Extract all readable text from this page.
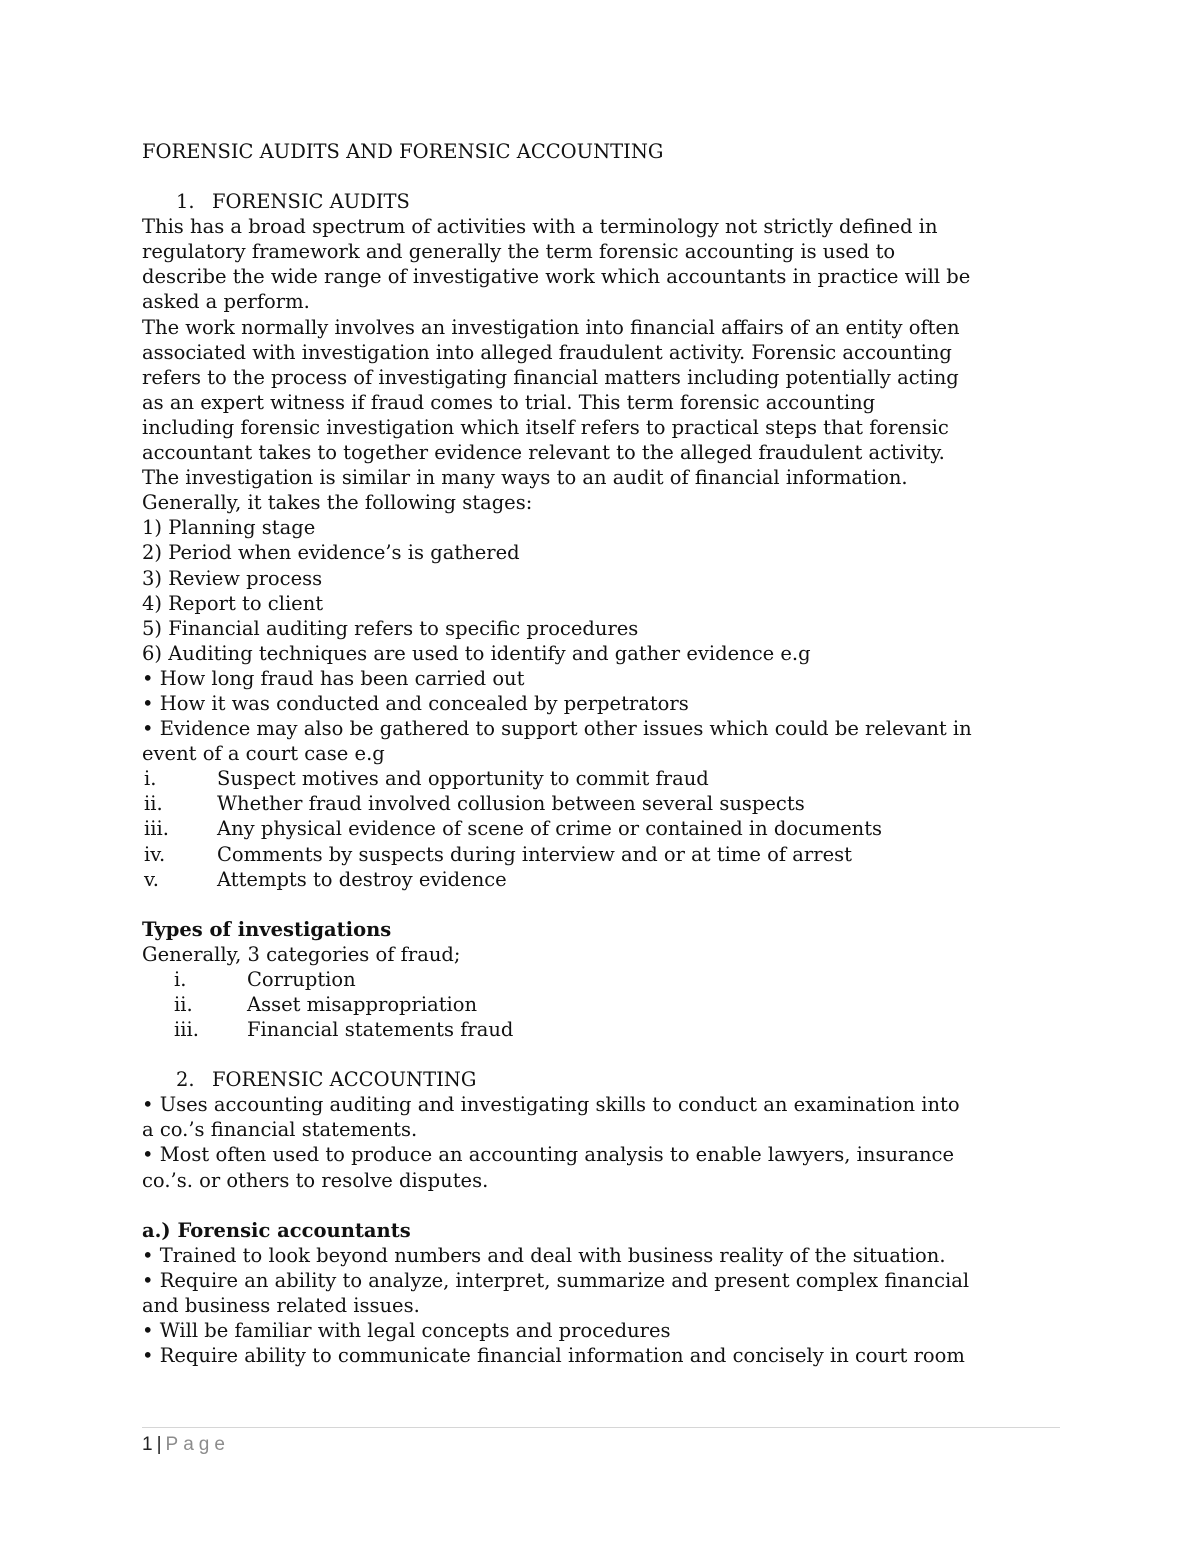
FORENSIC AUDITS AND FORENSIC ACCOUNTING
1. FORENSIC AUDITS
This has a broad spectrum of activities with a terminology not strictly defined in
regulatory framework and generally the term forensic accounting is used to
describe the wide range of investigative work which accountants in practice will be
asked a perform.
The work normally involves an investigation into financial affairs of an entity often
associated with investigation into alleged fraudulent activity. Forensic accounting
refers to the process of investigating financial matters including potentially acting
as an expert witness if fraud comes to trial. This term forensic accounting
including forensic investigation which itself refers to practical steps that forensic
accountant takes to together evidence relevant to the alleged fraudulent activity.
The investigation is similar in many ways to an audit of financial information.
Generally, it takes the following stages:
1) Planning stage
2) Period when evidence’s is gathered
3) Review process
4) Report to client
5) Financial auditing refers to specific procedures
6) Auditing techniques are used to identify and gather evidence e.g
• How long fraud has been carried out
• How it was conducted and concealed by perpetrators
• Evidence may also be gathered to support other issues which could be relevant in
event of a court case e.g
i.	Suspect motives and opportunity to commit fraud
ii.	Whether fraud involved collusion between several suspects
iii.	Any physical evidence of scene of crime or contained in documents
iv.	Comments by suspects during interview and or at time of arrest
v.	Attempts to destroy evidence
Types of investigations
Generally, 3 categories of fraud;
i.	Corruption
ii.	Asset misappropriation
iii.	Financial statements fraud
2. FORENSIC ACCOUNTING
• Uses accounting auditing and investigating skills to conduct an examination into
a co.’s financial statements.
• Most often used to produce an accounting analysis to enable lawyers, insurance
co.’s. or others to resolve disputes.
a.) Forensic accountants
• Trained to look beyond numbers and deal with business reality of the situation.
• Require an ability to analyze, interpret, summarize and present complex financial
and business related issues.
• Will be familiar with legal concepts and procedures
• Require ability to communicate financial information and concisely in court room
1 | Page
